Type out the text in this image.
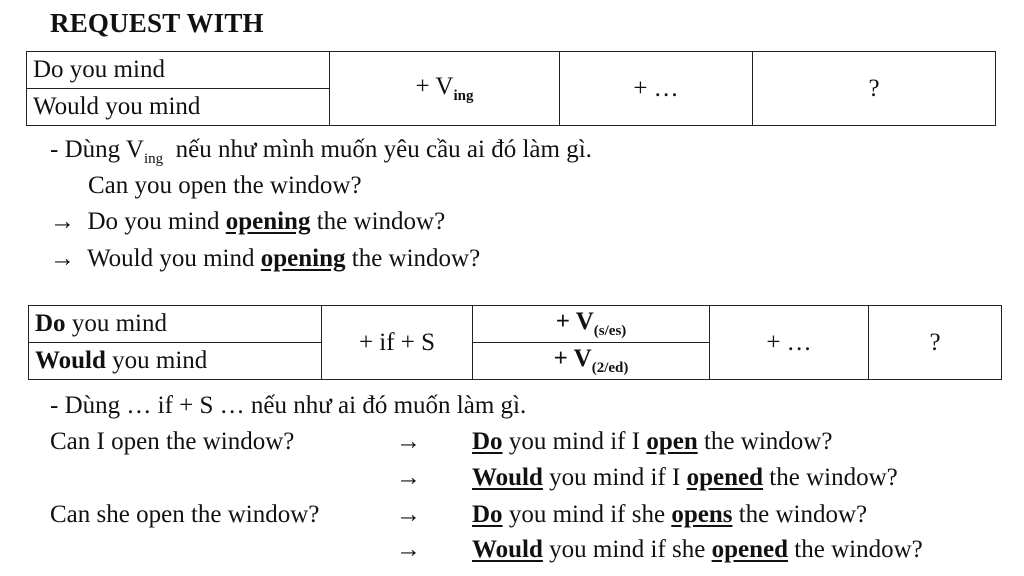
REQUEST WITH
Do you mind	+ $V_{ing}$	+ …	?
Would you mind
- Dùng $V_{ing}$ nếu như mình muốn yêu cầu ai đó làm gì.
Can you open the window?
→ Do you mind opening the window?
→ Would you mind opening the window?
Do you mind	+ if + S	+ $V_{(s/es)}$	+ …	?
Would you mind		+ $V_{(2/ed)}$
- Dùng … if + S … nếu như ai đó muốn làm gì.
Can I open the window?	→ Do you mind if I open the window?
→ Would you mind if I opened the window?
Can she open the window?	→ Do you mind if she opens the window?
→ Would you mind if she opened the window?
